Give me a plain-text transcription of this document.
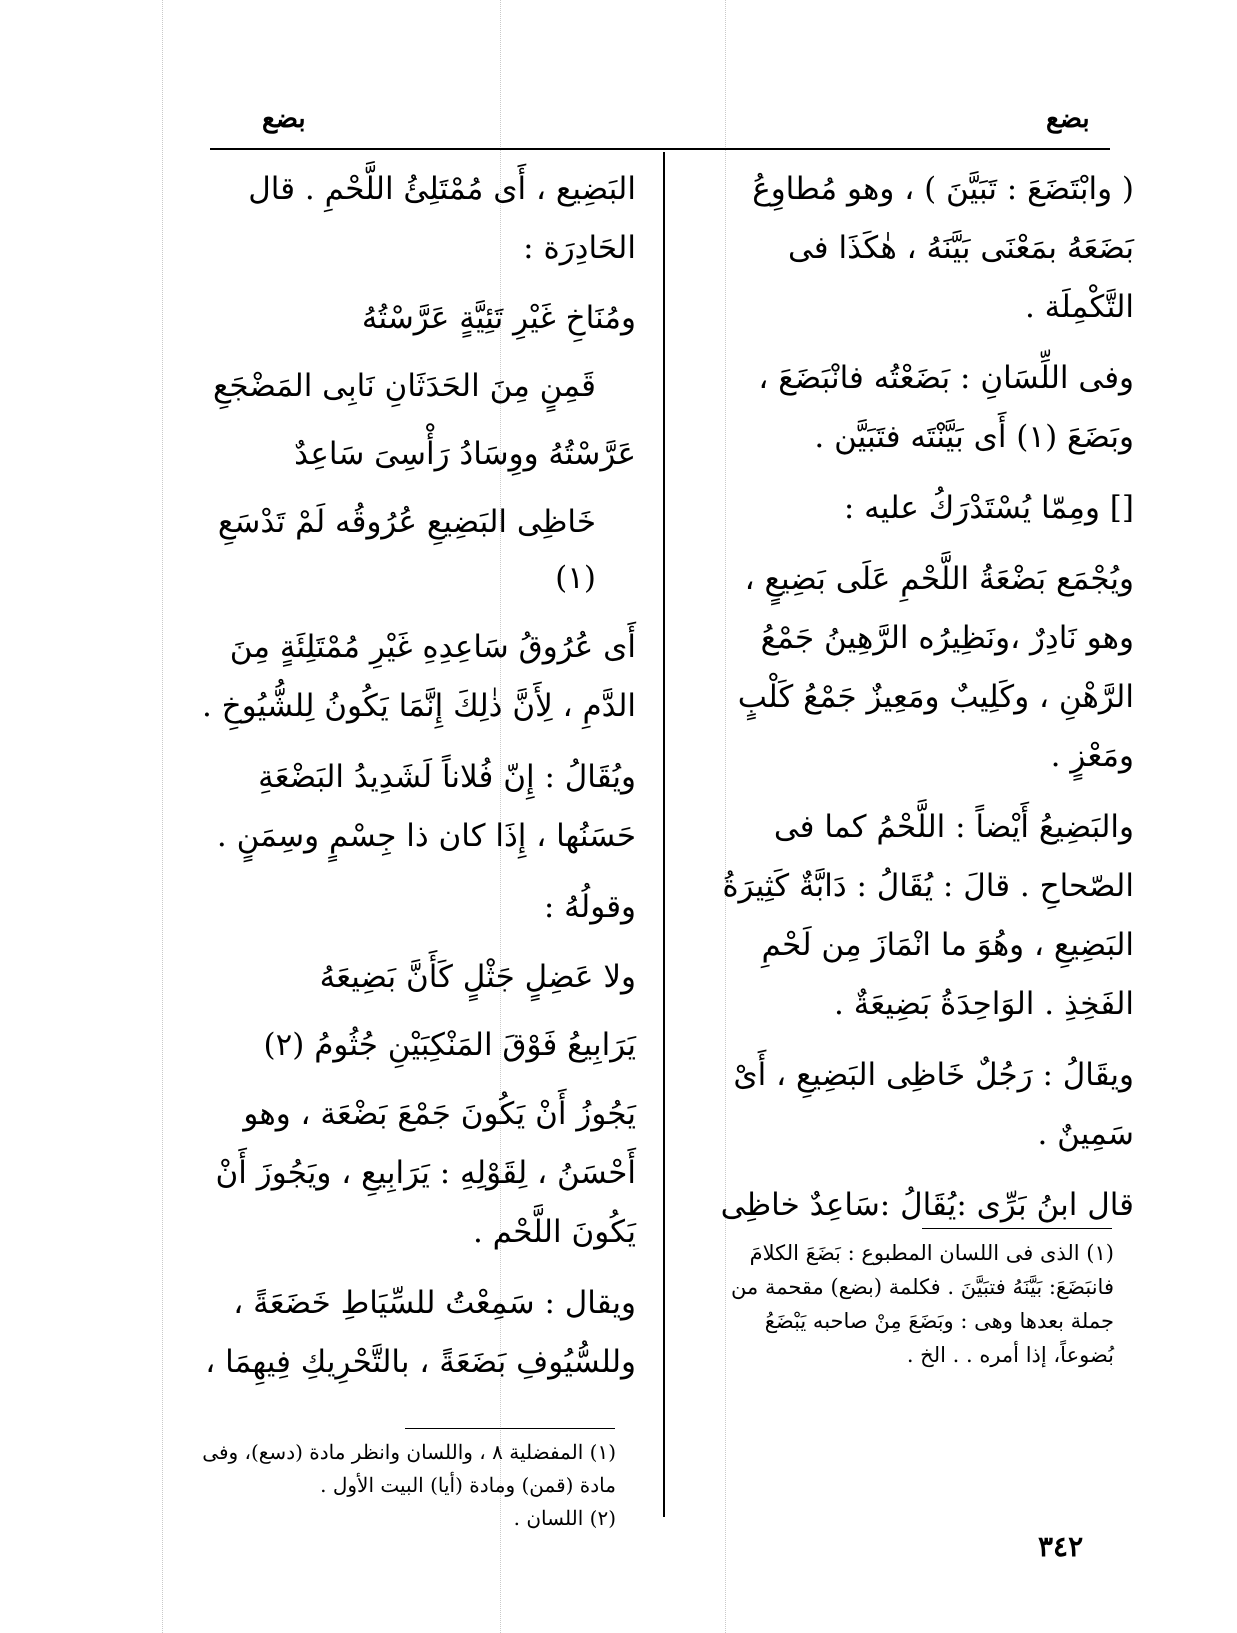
بضع	بضع

( وابْتَضَعَ : تَبَيَّنَ ) ، وهو مُطاوِعُ بَضَعَهُ بمَعْنَى بَيَّنَهُ ، هٰكَذَا فى التَّكْمِلَة .

وفى اللِّسَانِ : بَضَعْتُه فانْبَضَعَ ، وبَضَعَ (١) أَى بَيَّنْتَه فتَبَيَّن .

[] ومِمّا يُسْتَدْرَكُ عليه :

ويُجْمَع بَضْعَةُ اللَّحْمِ عَلَى بَضِيعٍ ، وهو نَادِرٌ ،ونَظِيرُه الرَّهِينُ جَمْعُ الرَّهْنِ ، وكَلِيبٌ ومَعِيزٌ جَمْعُ كَلْبٍ ومَعْزٍ .

والبَضِيعُ أَيْضاً : اللَّحْمُ كما فى الصّحاحِ . قالَ : يُقَالُ : دَابَّةٌ كَثِيرَةُ البَضِيعِ ، وهُوَ ما انْمَازَ مِن لَحْمِ الفَخِذِ . الوَاحِدَةُ بَضِيعَةٌ .

ويقَالُ : رَجُلٌ خَاظِى البَضِيعِ ، أَىْ سَمِينٌ .

قال ابنُ بَرِّى :يُقَالُ :سَاعِدٌ خاظِى

(١) الذى فى اللسان المطبوع : بَضَعَ الكلامَ فانبَضَعَ: بَيَّنَهُ فتبَيَّنَ . فكلمة (بضع) مقحمة من جملة بعدها وهى : وبَضَعَ مِنْ صاحبه يَبْضَعُ بُضوعاً، إذا أمره . . الخ .

البَضِيع ، أَى مُمْتَلِئُ اللَّحْمِ . قال الحَادِرَة :

ومُنَاخِ غَيْرِ تَئِيَّةٍ عَرَّسْتُهُ

قَمِنٍ مِنَ الحَدَثَانِ نَابِى المَضْجَعِ

عَرَّسْتُهُ ووِسَادُ رَأْسِىَ سَاعِدٌ

خَاظِى البَضِيعِ عُرُوقُه لَمْ تَدْسَعِ (١)

أَى عُرُوقُ سَاعِدِهِ غَيْرِ مُمْتَلِئَةٍ مِنَ الدَّمِ ، لِأَنَّ ذٰلِكَ إِنَّمَا يَكُونُ لِلشُّيُوخِ .

ويُقَالُ : إِنّ فُلاناً لَشَدِيدُ البَضْعَةِ حَسَنُها ، إِذَا كان ذا جِسْمٍ وسِمَنٍ .

وقولُهُ :

ولا عَضِلٍ جَثْلٍ كَأَنَّ بَضِيعَهُ

يَرَابِيعُ فَوْقَ المَنْكِبَيْنِ جُثُومُ (٢)

يَجُوزُ أَنْ يَكُونَ جَمْعَ بَضْعَة ، وهو أَحْسَنُ ، لِقَوْلِهِ : يَرَابِيعِ ، ويَجُوزَ أَنْ يَكُونَ اللَّحْم .

ويقال : سَمِعْتُ للسِّيَاطِ خَضَعَةً ، وللسُّيُوفِ بَضَعَةً ، بالتَّحْرِيكِ فِيهِمَا ،

(١) المفضلية ٨ ، واللسان وانظر مادة (دسع)، وفى مادة (قمن) ومادة (أيا) البيت الأول .

(٢) اللسان .

٣٤٢
